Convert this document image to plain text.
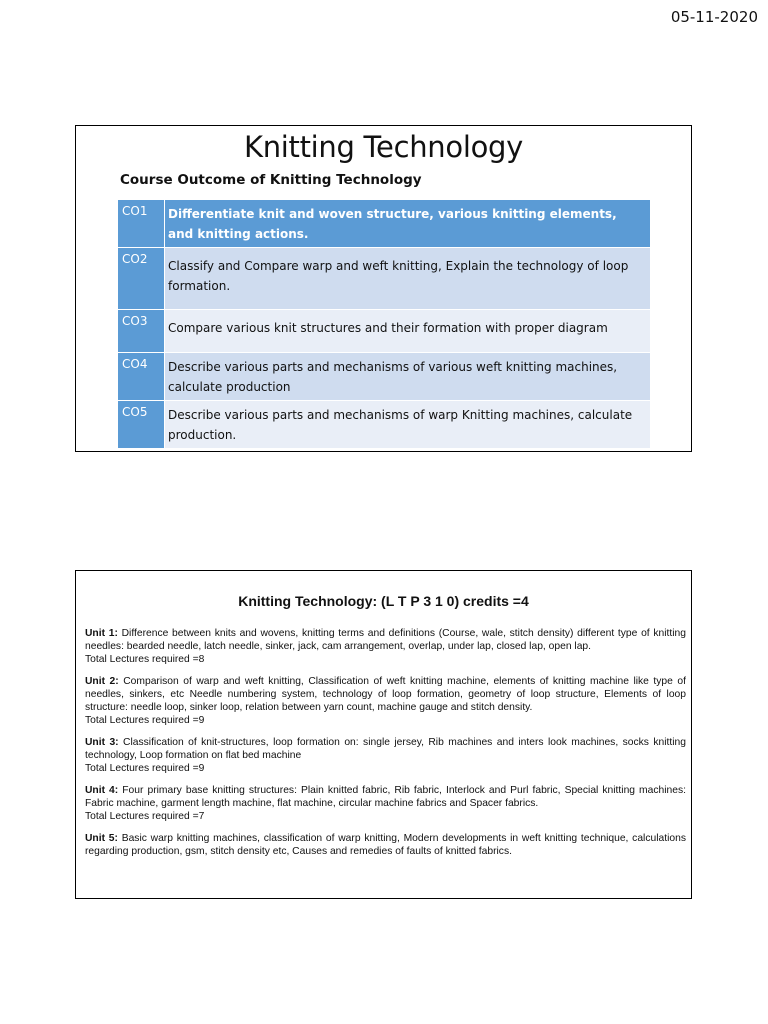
05-11-2020
Knitting Technology
Course Outcome of Knitting Technology
CO1	Differentiate knit and woven structure, various knitting elements, and knitting actions.
CO2	Classify and Compare warp and weft knitting, Explain the technology of loop formation.
CO3	Compare various knit structures and their formation with proper diagram
CO4	Describe various parts and mechanisms of various weft knitting machines, calculate production
CO5	Describe various parts and mechanisms of warp Knitting machines, calculate production.
Knitting Technology: (L T P 3 1 0) credits =4
Unit 1: Difference between knits and wovens, knitting terms and definitions (Course, wale, stitch density) different type of knitting needles: bearded needle, latch needle, sinker, jack, cam arrangement, overlap, under lap, closed lap, open lap.
Total Lectures required =8
Unit 2: Comparison of warp and weft knitting, Classification of weft knitting machine, elements of knitting machine like type of needles, sinkers, etc Needle numbering system, technology of loop formation, geometry of loop structure, Elements of loop structure: needle loop, sinker loop, relation between yarn count, machine gauge and stitch density.
Total Lectures required =9
Unit 3: Classification of knit-structures, loop formation on: single jersey, Rib machines and inters look machines, socks knitting technology, Loop formation on flat bed machine
Total Lectures required =9
Unit 4: Four primary base knitting structures: Plain knitted fabric, Rib fabric, Interlock and Purl fabric, Special knitting machines: Fabric machine, garment length machine, flat machine, circular machine fabrics and Spacer fabrics.
Total Lectures required =7
Unit 5: Basic warp knitting machines, classification of warp knitting, Modern developments in weft knitting technique, calculations regarding production, gsm, stitch density etc, Causes and remedies of faults of knitted fabrics.
